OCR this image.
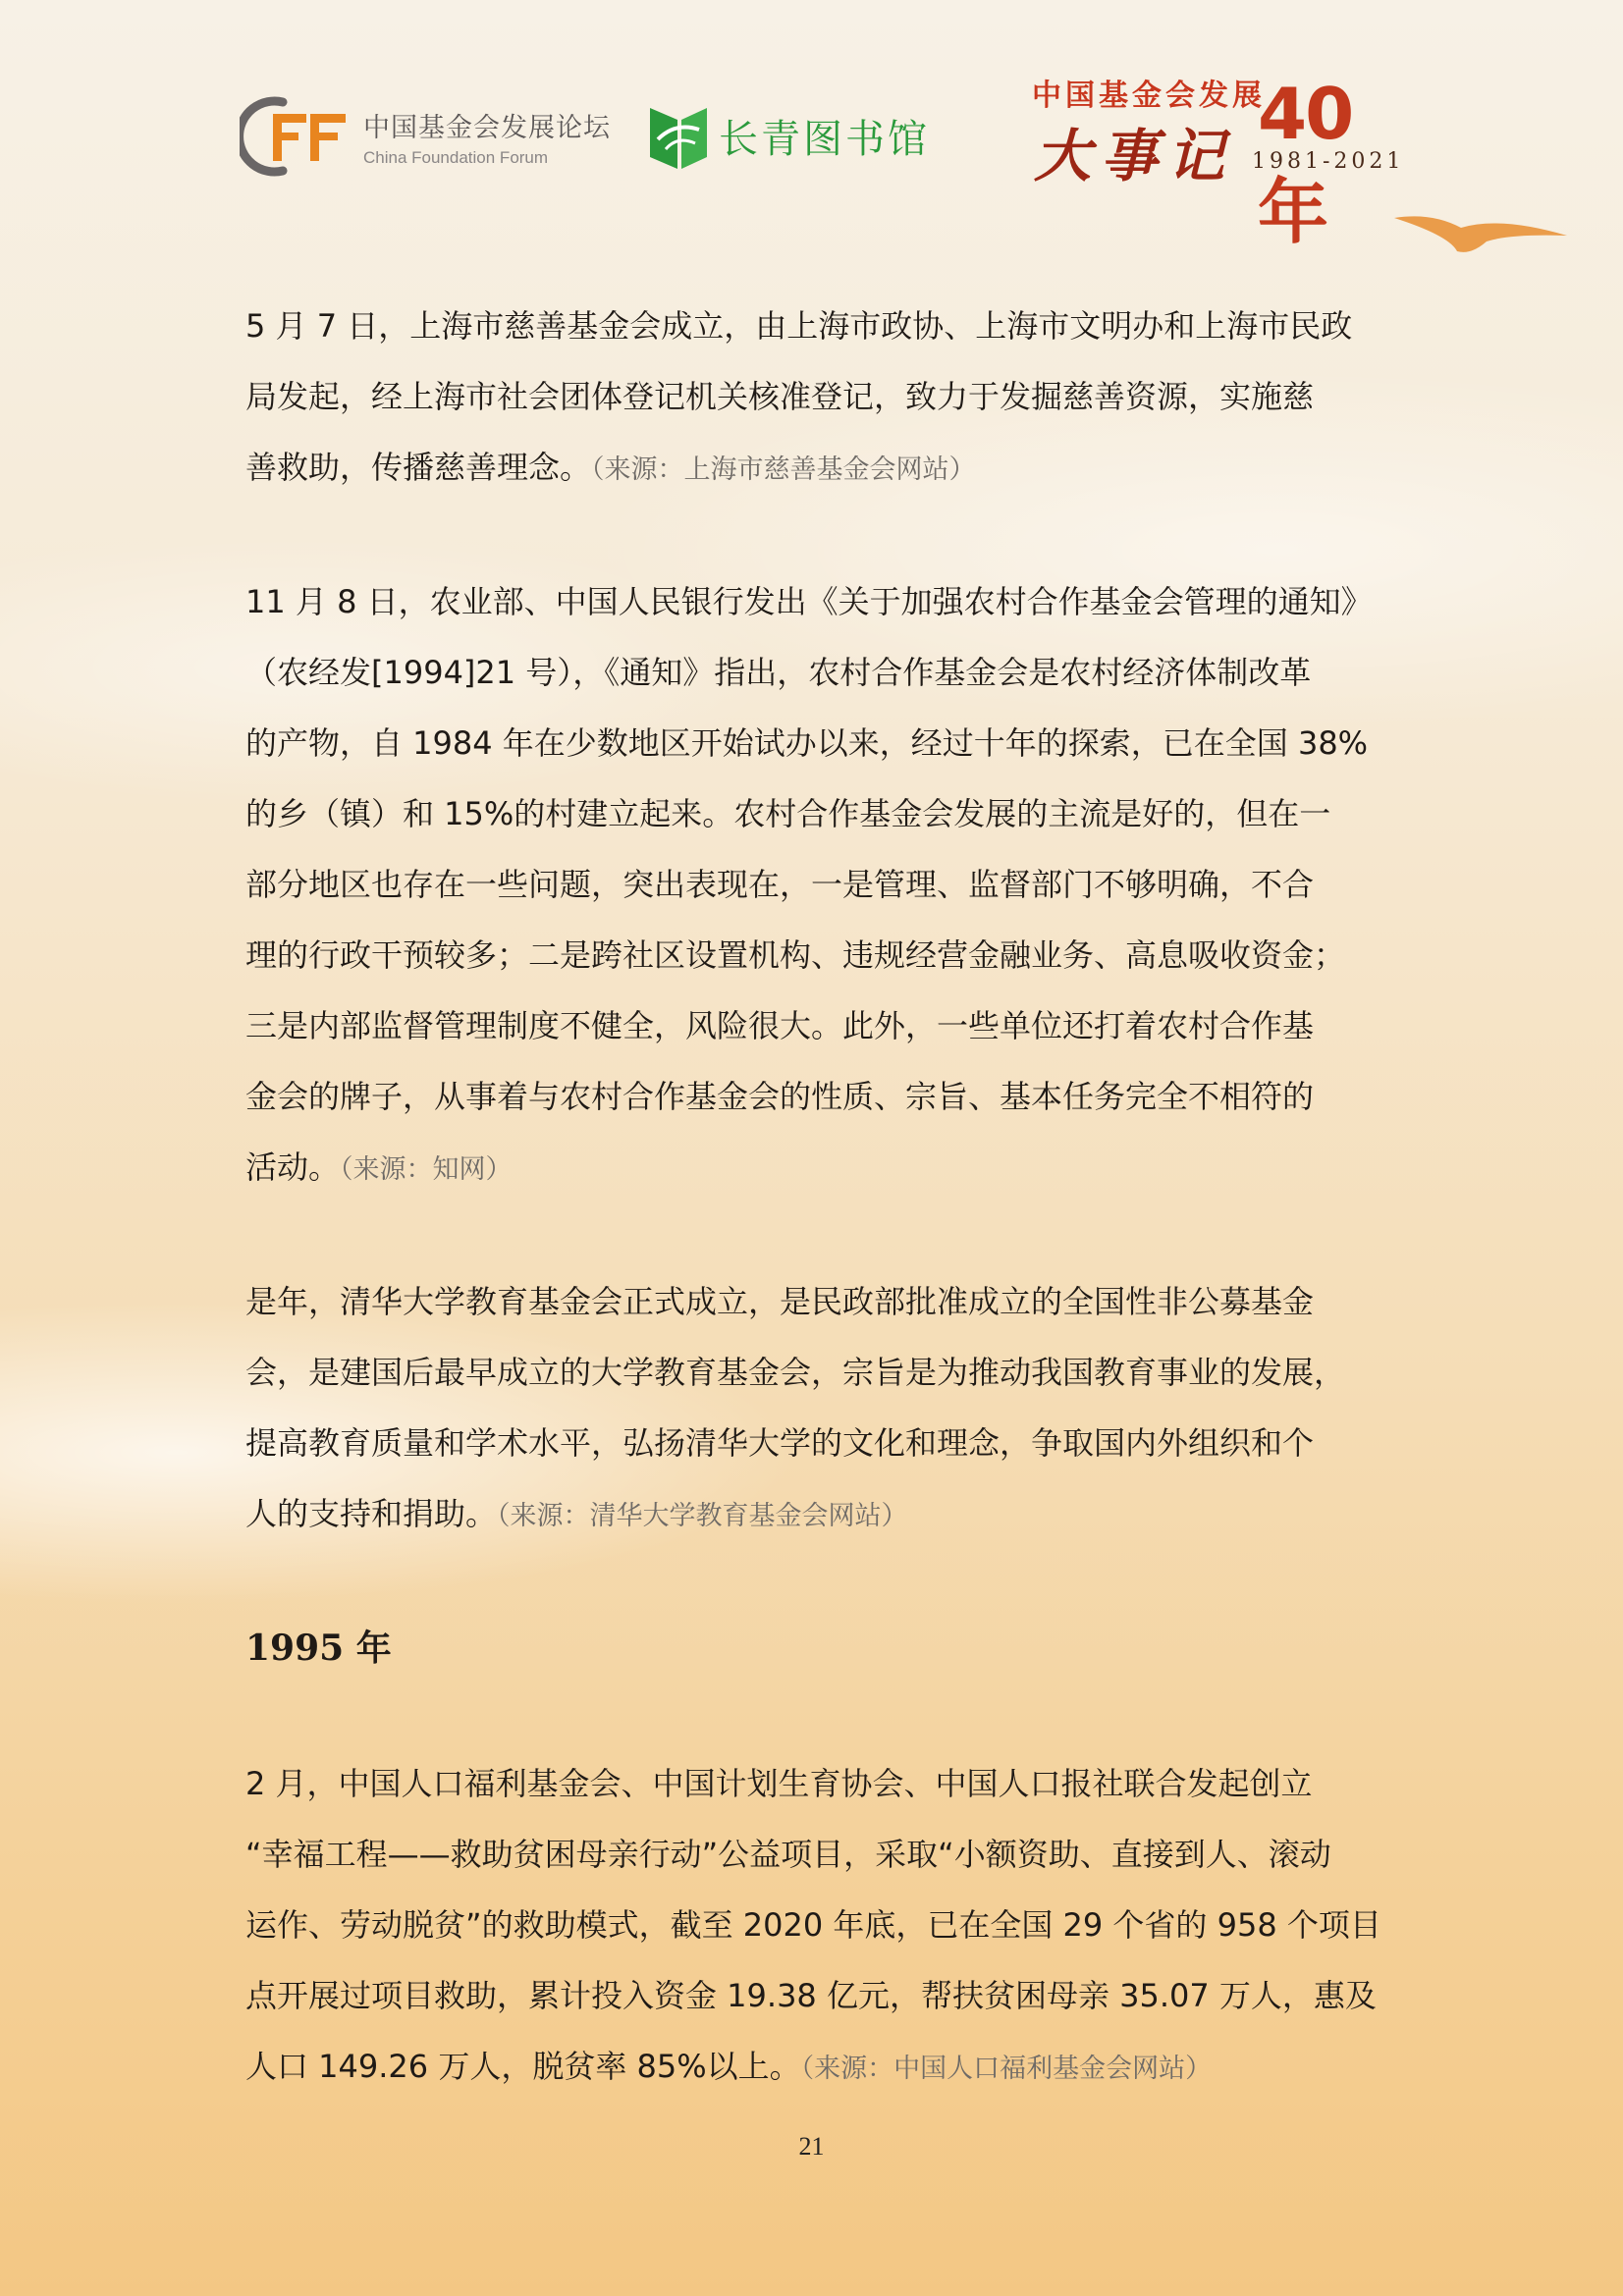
中国基金会发展论坛
China Foundation Forum	长青图书馆
中国基金会发展
大事记
40年
1981-2021
5 月 7 日，上海市慈善基金会成立，由上海市政协、上海市文明办和上海市民政
局发起，经上海市社会团体登记机关核准登记，致力于发掘慈善资源，实施慈
善救助，传播慈善理念。（来源：上海市慈善基金会网站）
11 月 8 日，农业部、中国人民银行发出《关于加强农村合作基金会管理的通知》
（农经发[1994]21 号），《通知》指出，农村合作基金会是农村经济体制改革
的产物，自 1984 年在少数地区开始试办以来，经过十年的探索，已在全国 38%
的乡（镇）和 15%的村建立起来。农村合作基金会发展的主流是好的，但在一
部分地区也存在一些问题，突出表现在，一是管理、监督部门不够明确，不合
理的行政干预较多；二是跨社区设置机构、违规经营金融业务、高息吸收资金；
三是内部监督管理制度不健全，风险很大。此外，一些单位还打着农村合作基
金会的牌子，从事着与农村合作基金会的性质、宗旨、基本任务完全不相符的
活动。（来源：知网）
是年，清华大学教育基金会正式成立，是民政部批准成立的全国性非公募基金
会，是建国后最早成立的大学教育基金会，宗旨是为推动我国教育事业的发展，
提高教育质量和学术水平，弘扬清华大学的文化和理念，争取国内外组织和个
人的支持和捐助。（来源：清华大学教育基金会网站）
1995 年
2 月，中国人口福利基金会、中国计划生育协会、中国人口报社联合发起创立
“幸福工程——救助贫困母亲行动”公益项目，采取“小额资助、直接到人、滚动
运作、劳动脱贫”的救助模式，截至 2020 年底，已在全国 29 个省的 958 个项目
点开展过项目救助，累计投入资金 19.38 亿元，帮扶贫困母亲 35.07 万人，惠及
人口 149.26 万人，脱贫率 85%以上。（来源：中国人口福利基金会网站）
21
